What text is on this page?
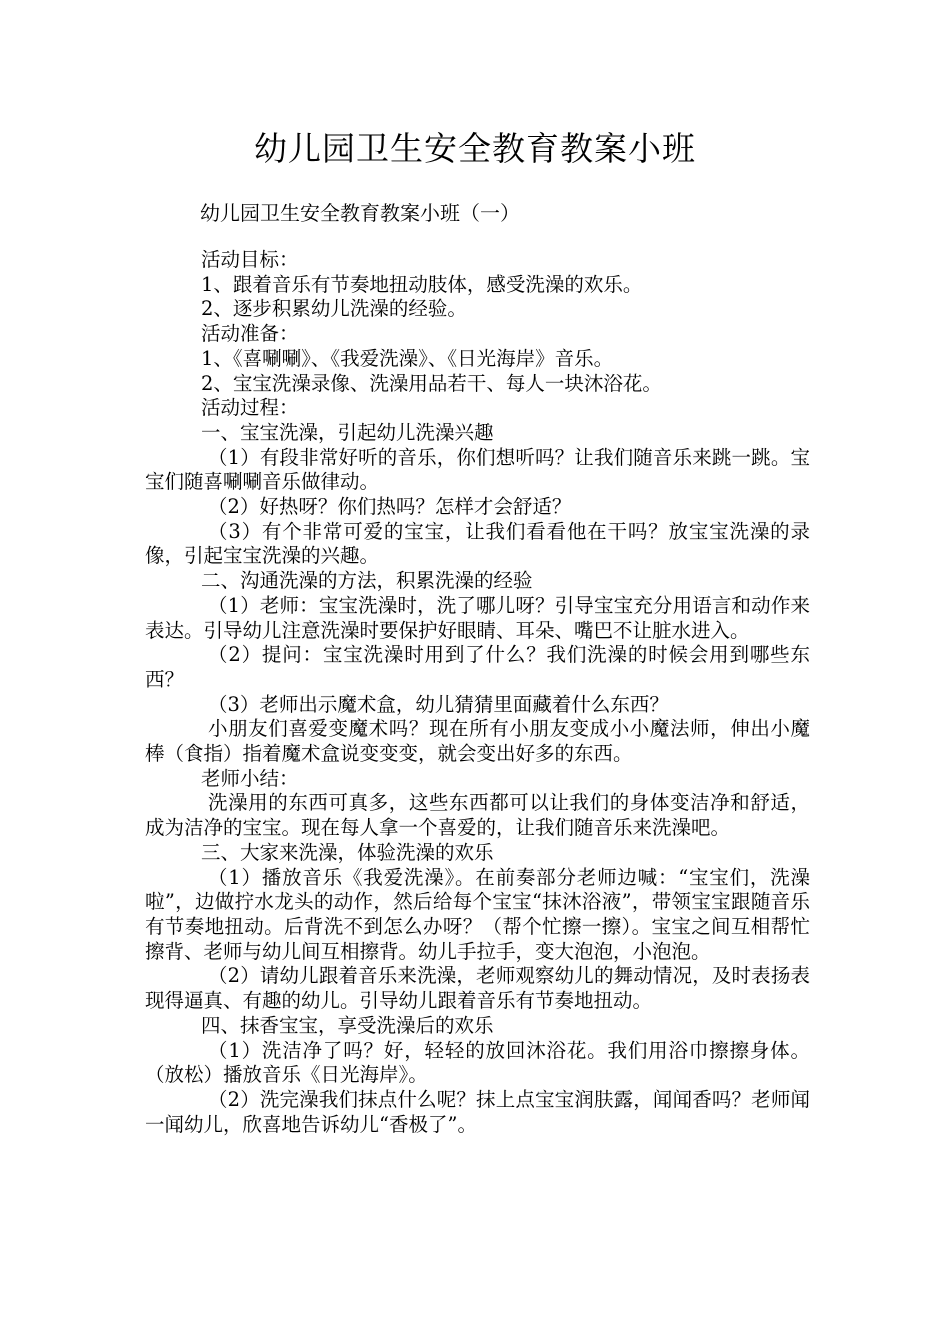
幼儿园卫生安全教育教案小班
幼儿园卫生安全教育教案小班（一）

活动目标：

1、跟着音乐有节奏地扭动肢体，感受洗澡的欢乐。

2、逐步积累幼儿洗澡的经验。

活动准备：

1、《喜唰唰》、《我爱洗澡》、《日光海岸》音乐。

2、宝宝洗澡录像、洗澡用品若干、每人一块沐浴花。

活动过程：

一、宝宝洗澡，引起幼儿洗澡兴趣

（1）有段非常好听的音乐，你们想听吗？让我们随音乐来跳一跳。宝宝们随喜唰唰音乐做律动。

（2）好热呀？你们热吗？怎样才会舒适？

（3）有个非常可爱的宝宝，让我们看看他在干吗？放宝宝洗澡的录像，引起宝宝洗澡的兴趣。

二、沟通洗澡的方法，积累洗澡的经验

（1）老师：宝宝洗澡时，洗了哪儿呀？引导宝宝充分用语言和动作来表达。引导幼儿注意洗澡时要保护好眼睛、耳朵、嘴巴不让脏水进入。

（2）提问：宝宝洗澡时用到了什么？我们洗澡的时候会用到哪些东西？

（3）老师出示魔术盒，幼儿猜猜里面藏着什么东西？

小朋友们喜爱变魔术吗？现在所有小朋友变成小小魔法师，伸出小魔棒（食指）指着魔术盒说变变变，就会变出好多的东西。

老师小结：

洗澡用的东西可真多，这些东西都可以让我们的身体变洁净和舒适，成为洁净的宝宝。现在每人拿一个喜爱的，让我们随音乐来洗澡吧。

三、大家来洗澡，体验洗澡的欢乐

（1）播放音乐《我爱洗澡》。在前奏部分老师边喊：“宝宝们，洗澡啦”，边做拧水龙头的动作，然后给每个宝宝“抹沐浴液”，带领宝宝跟随音乐有节奏地扭动。后背洗不到怎么办呀？（帮个忙擦一擦）。宝宝之间互相帮忙擦背、老师与幼儿间互相擦背。幼儿手拉手，变大泡泡，小泡泡。

（2）请幼儿跟着音乐来洗澡，老师观察幼儿的舞动情况，及时表扬表现得逼真、有趣的幼儿。引导幼儿跟着音乐有节奏地扭动。

四、抹香宝宝，享受洗澡后的欢乐

（1）洗洁净了吗？好，轻轻的放回沐浴花。我们用浴巾擦擦身体。（放松）播放音乐《日光海岸》。

（2）洗完澡我们抹点什么呢？抹上点宝宝润肤露，闻闻香吗？老师闻一闻幼儿，欣喜地告诉幼儿“香极了”。
